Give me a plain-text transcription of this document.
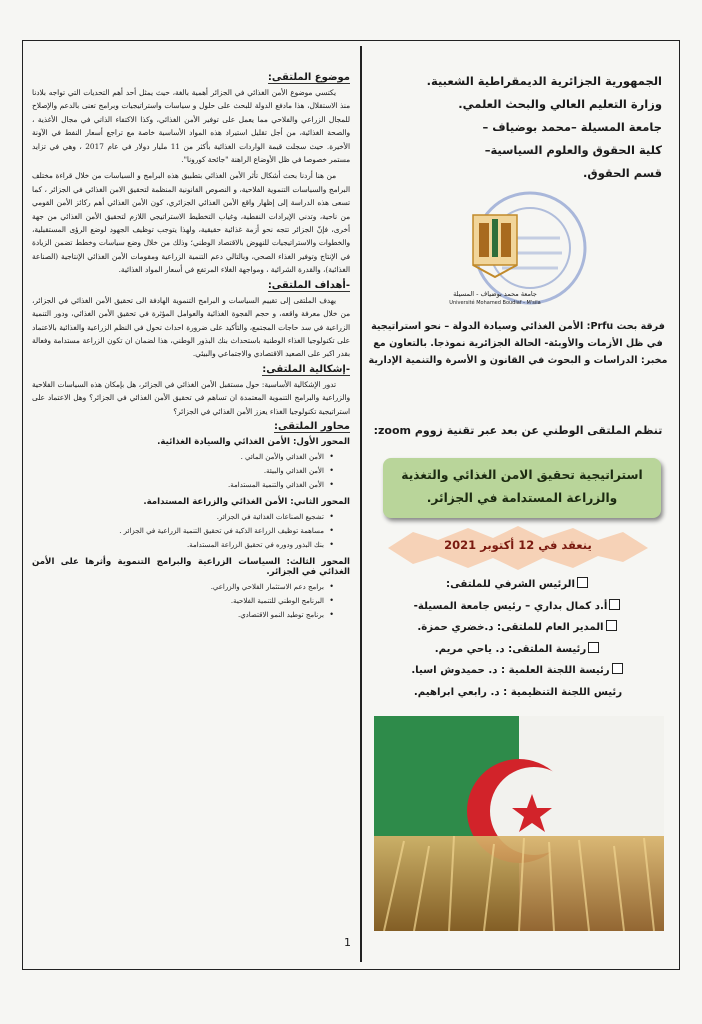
موضوع الملتقى:

يكتسي موضوع الأمن الغذائي في الجزائر أهمية بالغة، حيث يمثل أحد أهم التحديات التي تواجه بلادنا منذ الاستقلال، هذا مادفع الدولة للبحث على حلول و سياسات واستراتيجيات وبرامج تعنى بالدعم والإصلاح للمجال الزراعي والفلاحي مما يعمل على توفير الأمن الغذائي، وكذا الاكتفاء الذاتي في مجال الأغذية ، والصحة الغذائية، من أجل تقليل استيراد هذه المواد الأساسية خاصة مع تراجع أسعار النفط في الآونة الأخيرة. حيث سجلت قيمة الواردات الغذائية بأكثر من 11 مليار دولار في عام 2017 ، وهي في تزايد مستمر خصوصا في ظل الأوضاع الراهنة "جائحة كورونا".

من هنا أردنا بحث أشكال تأثر الأمن الغذائي بتطبيق هذه البرامج و السياسات من خلال قراءة مختلف البرامج والسياسات التنموية الفلاحية، و النصوص القانونية المنظمة لتحقيق الامن الغذائي في الجزائر ، كما تسعى هذه الدراسة إلى إظهار واقع الأمن الغذائي الجزائري، كون الأمن الغذائي أهم ركائز الأمن القومي من ناحية، وتدني الإيرادات النفطية، وغياب التخطيط الاستراتيجي اللازم لتحقيق الأمن الغذائي من جهة أخرى، فإنّ الجزائر تتجه نحو أزمة غذائية حقيقية، ولهذا يتوجب توظيف الجهود لوضع الرؤى المستقبلية، والخطوات والاستراتيجيات للنهوض بالاقتصاد الوطني؛ وذلك من خلال وضع سياسات وخطط تضمن الزيادة في الإنتاج وتوفير الغذاء الصحي، وبالتالي دعم التنمية الزراعية ومقومات الأمن الغذائي الإنتاجية (الصناعة الغذائية)، والقدرة الشرائية ، ومواجهة الغلاء المرتفع في أسعار المواد الغذائية.

-أهداف الملتقى:

يهدف الملتقى إلى تقييم السياسات و البرامج التنموية الهادفة الى تحقيق الأمن الغذائي في الجزائر، من خلال معرفة واقعه، و حجم الفجوة الغذائية والعوامل المؤثرة في تحقيق الأمن الغذائي، ودور التنمية الزراعية في سد حاجات المجتمع، والتأكيد على ضرورة احداث تحول في النظم الزراعية والغذائية بالاعتماد على تكنولوجيا الغذاء الوطنية باستحداث بنك البذور الوطني، هذا لضمان ان تكون الزراعة مستدامة وفعالة بقدر اكبر على الصعيد الاقتصادي والاجتماعي والبيئي.

-إشكالية الملتقى:

تدور الإشكالية الأساسية: حول مستقبل الأمن الغذائي في الجزائر، هل بإمكان هذه السياسات الفلاحية والزراعية والبرامج التنموية المعتمدة ان تساهم في تحقيق الأمن الغذائي في الجزائر؟ وهل الاعتماد على استراتيجية تكنولوجيا الغذاء يعزز الأمن الغذائي في الجزائر؟

محاور الملتقى:
المحور الأول: الأمن الغذائي والسيادة الغذائية.
• الأمن الغذائي والأمن المائي .
• الأمن الغذائي والبيئة.
• الأمن الغذائي والتنمية المستدامة.
المحور الثاني: الأمن الغذائي والزراعة المستدامة.
• تشجيع الصناعات الغذائية في الجزائر.
• مساهمة توظيف الزراعة الذكية في تحقيق التنمية الزراعية في الجزائر .
• بنك البذور ودوره في تحقيق الزراعة المستدامة.
المحور الثالث: السياسات الزراعية والبرامج التنموية وأثرها على الأمن الغذائي في الجزائر.
• برامج دعم الاستثمار الفلاحي والزراعي.
• البرنامج الوطني للتنمية الفلاحية.
• برنامج توطيد النمو الاقتصادي.

الجمهورية الجزائرية الديمقراطية الشعبية.

وزارة التعليم العالي والبحث العلمي.

جامعة المسيلة –محمد بوضياف –

كلية الحقوق والعلوم السياسية–

قسم الحقوق.

جامعة محمد بوضياف - المسيلة
Université Mohamed Boudiaf - M'sila
فرقة بحث Prfu: الأمن الغذائي وسيادة الدولة – نحو استراتيجية في ظل الأزمات والأوبئة- الحالة الجزائرية نموذجا. بالتعاون مع مخبر: الدراسات و البحوث في القانون و الأسرة والتنمية الإدارية
تنظم الملتقى الوطني عن بعد عبر تقنية زووم zoom:
استراتيجية تحقيق الامن الغذائي والتغذية والزراعة المستدامة في الجزائر.
ينعقد في 12 أكتوبر 2021
الرئيس الشرفي للملتقى:
أ.د كمال بداري – رئيس جامعة المسيلة-
المدير العام للملتقى: د.خضري حمزة.
رئيسة الملتقى: د. ياحي مريم.
رئيسة اللجنة العلمية : د. حميدوش اسيا.
رئيس اللجنة التنظيمية : د. رابعي ابراهيم.
1
